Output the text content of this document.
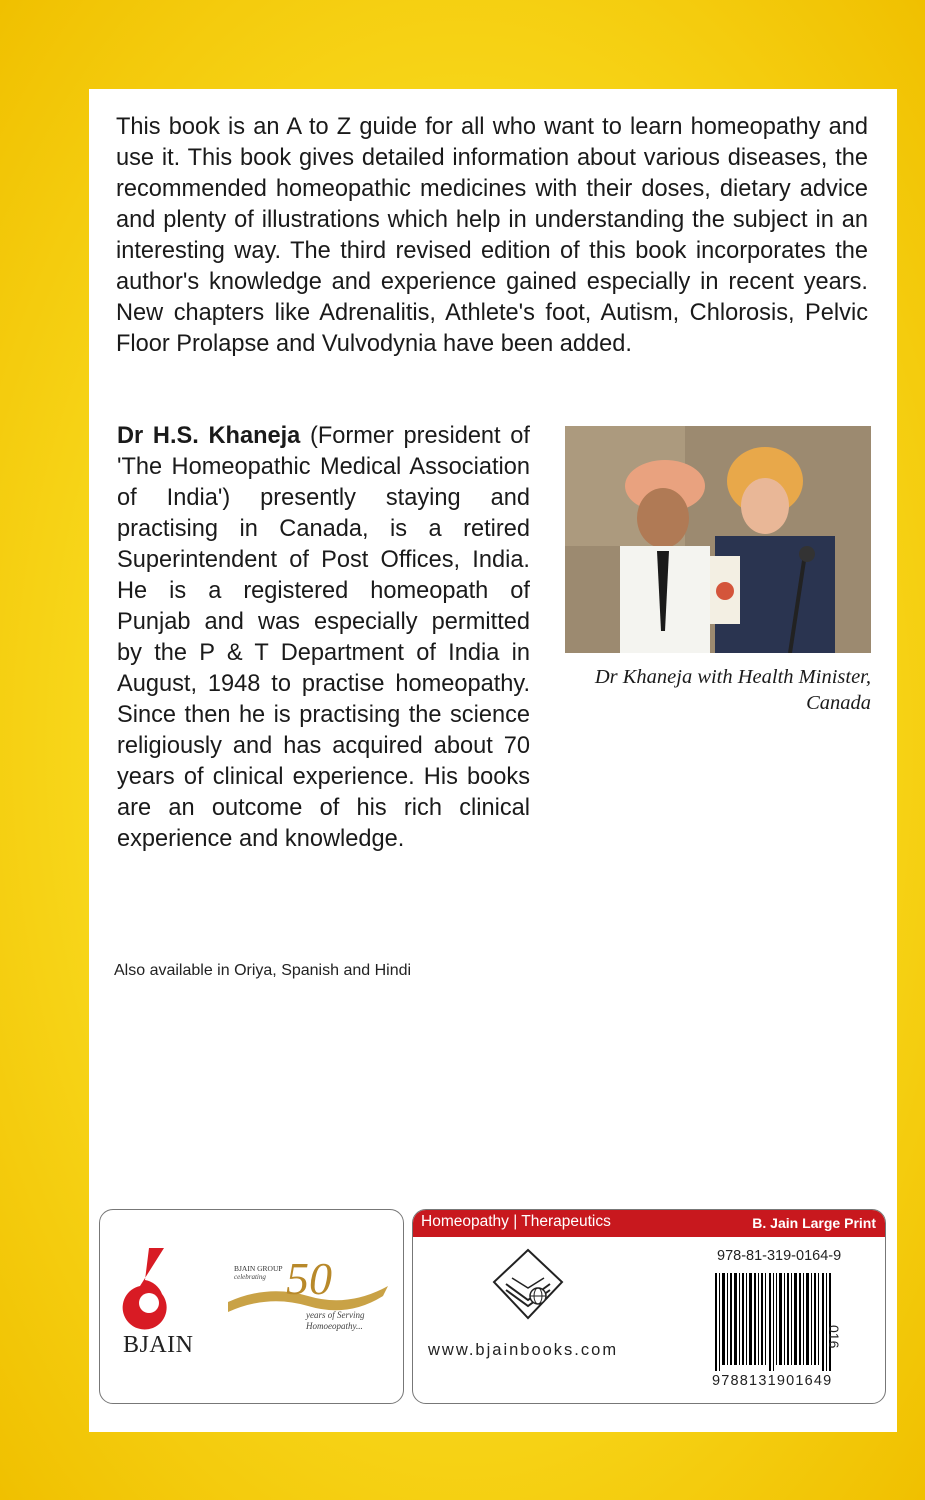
This book is an A to Z guide for all who want to learn homeopathy and use it. This book gives detailed information about various diseases, the recommended homeopathic medicines with their doses, dietary advice and plenty of illustrations which help in understanding the subject in an interesting way. The third revised edition of this book incorporates the author's knowledge and experience gained especially in recent years. New chapters like Adrenalitis, Athlete's foot, Autism, Chlorosis, Pelvic Floor Prolapse and Vulvodynia have been added.

Dr H.S. Khaneja (Former president of 'The Homeopathic Medical Association of India') presently staying and practising in Canada, is a retired Superintendent of Post Offices, India. He is a registered homeopath of Punjab and was especially permitted by the P & T Department of India in August, 1948 to practise homeopathy. Since then he is practising the science religiously and has acquired about 70 years of clinical experience. His books are an outcome of his rich clinical experience and knowledge.

Dr Khaneja with Health Minister,
Canada
Also available in Oriya, Spanish and Hindi
BJAIN
BJAIN GROUP
celebrating 50
years of Serving
Homoeopathy...
Homeopathy | Therapeutics	B. Jain Large Print
www.bjainbooks.com
978-81-319-0164-9
9788131901649
016
